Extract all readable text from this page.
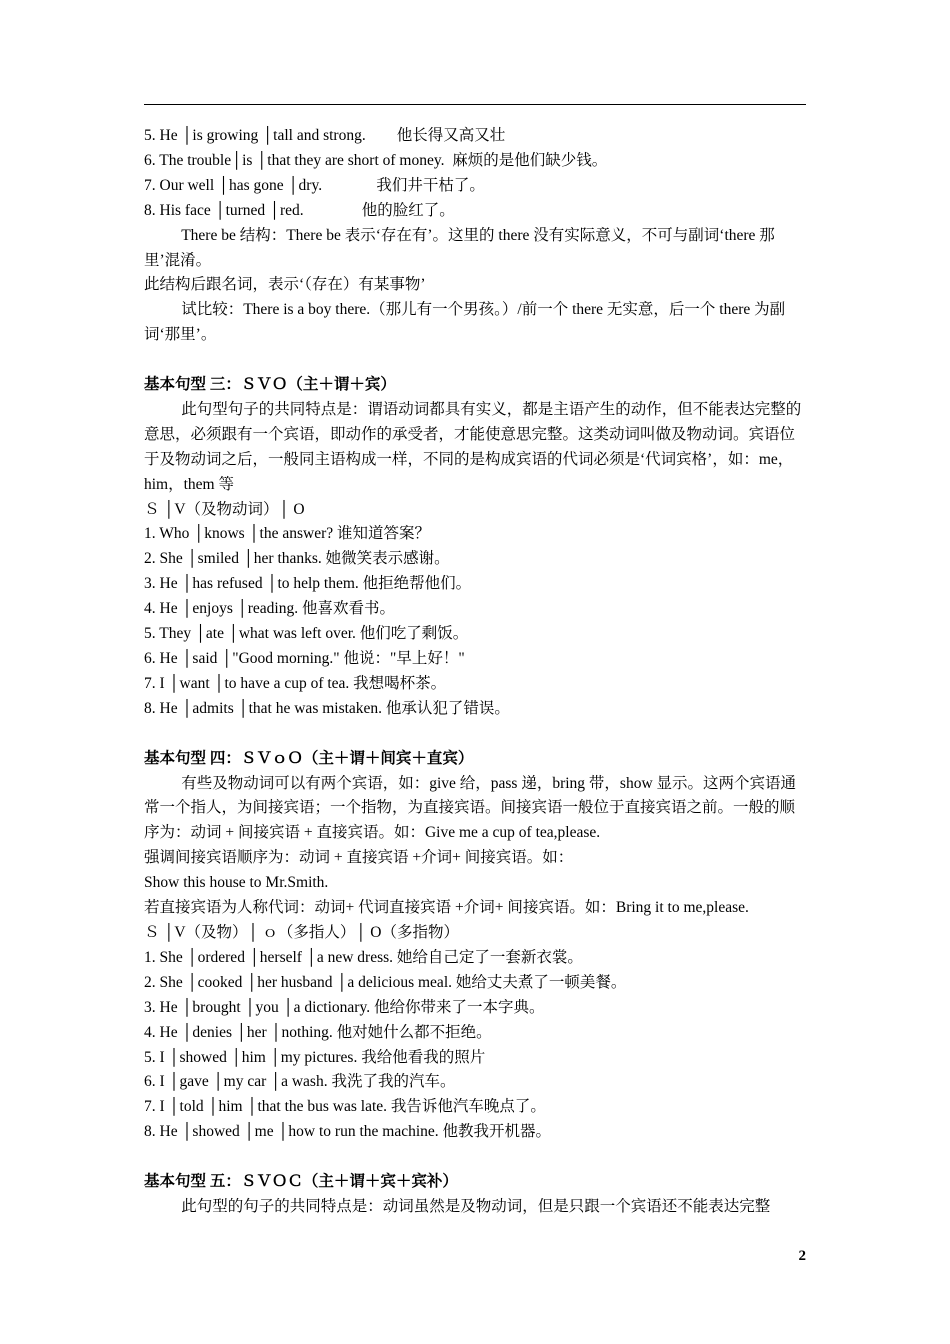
5. He │is growing │tall and strong.        他长得又高又壮

6. The trouble│is │that they are short of money.  麻烦的是他们缺少钱。

7. Our well │has gone │dry.              我们井干枯了。

8. His face │turned │red.               他的脸红了。

There be 结构：There be 表示‘存在有’。这里的 there 没有实际意义，不可与副词‘there 那里’混淆。

此结构后跟名词，表示‘（存在）有某事物’

试比较：There is a boy there.（那儿有一个男孩。）/前一个 there 无实意，后一个 there 为副词‘那里’。

基本句型 三：ＳＶＯ（主＋谓＋宾）

此句型句子的共同特点是：谓语动词都具有实义，都是主语产生的动作，但不能表达完整的意思，必须跟有一个宾语，即动作的承受者，才能使意思完整。这类动词叫做及物动词。宾语位于及物动词之后，一般同主语构成一样，不同的是构成宾语的代词必须是‘代词宾格’，如：me，him，them 等

Ｓ │V（及物动词）│ O

1. Who │knows │the answer? 谁知道答案？

2. She │smiled │her thanks. 她微笑表示感谢。

3. He │has refused │to help them. 他拒绝帮他们。

4. He │enjoys │reading. 他喜欢看书。

5. They │ate │what was left over. 他们吃了剩饭。

6. He │said │"Good morning." 他说："早上好！"

7. I │want │to have a cup of tea. 我想喝杯茶。

8. He │admits │that he was mistaken. 他承认犯了错误。

基本句型 四：ＳＶｏＯ（主＋谓＋间宾＋直宾）

有些及物动词可以有两个宾语，如：give 给，pass 递，bring 带，show 显示。这两个宾语通常一个指人，为间接宾语；一个指物，为直接宾语。间接宾语一般位于直接宾语之前。一般的顺序为：动词 + 间接宾语 + 直接宾语。如：Give me a cup of tea,please.

强调间接宾语顺序为：动词 + 直接宾语 +介词+ 间接宾语。如：

Show this house to Mr.Smith.

若直接宾语为人称代词：动词+ 代词直接宾语 +介词+ 间接宾语。如：Bring it to me,please.

Ｓ │V（及物）│ ｏ（多指人）│ O（多指物）

1. She │ordered │herself │a new dress. 她给自己定了一套新衣裳。

2. She │cooked │her husband │a delicious meal. 她给丈夫煮了一顿美餐。

3. He │brought │you │a dictionary. 他给你带来了一本字典。

4. He │denies │her │nothing. 他对她什么都不拒绝。

5. I │showed │him │my pictures. 我给他看我的照片

6. I │gave │my car │a wash. 我洗了我的汽车。

7. I │told │him │that the bus was late. 我告诉他汽车晚点了。

8. He │showed │me │how to run the machine. 他教我开机器。

基本句型 五：ＳＶＯＣ（主＋谓＋宾＋宾补）

此句型的句子的共同特点是：动词虽然是及物动词，但是只跟一个宾语还不能表达完整

2
